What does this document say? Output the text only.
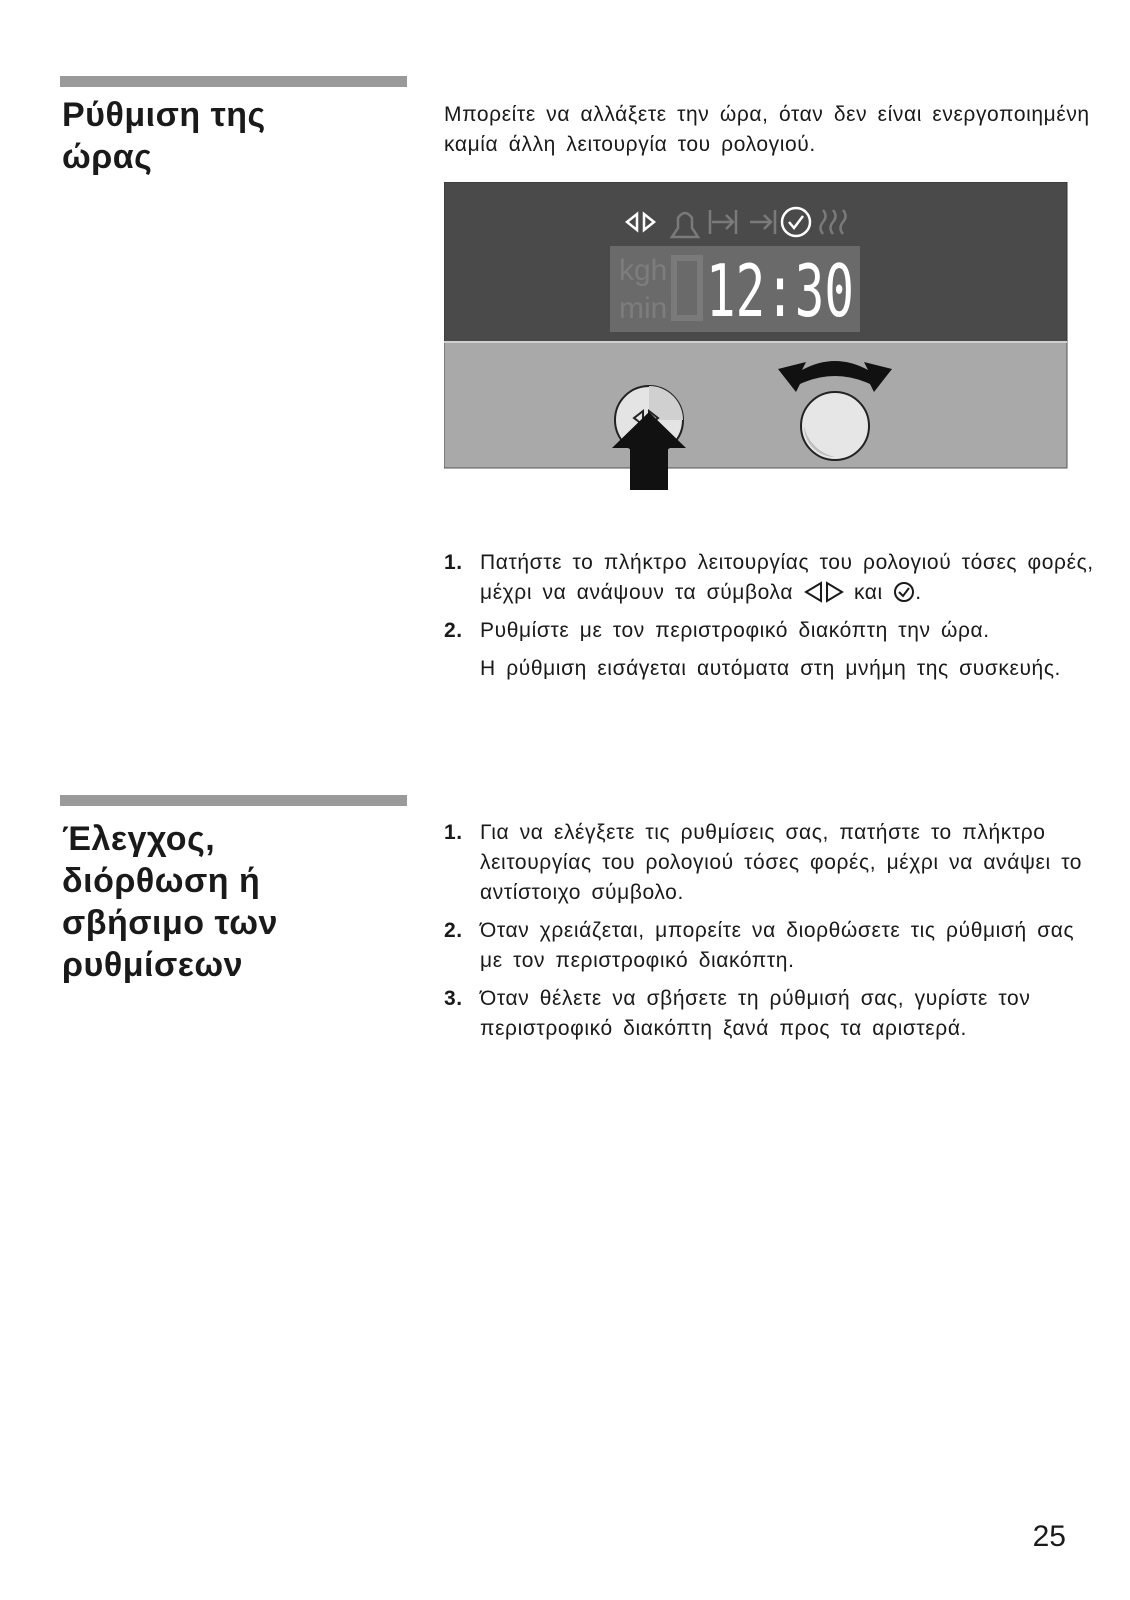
Ρύθμιση της
ώρας

Μπορείτε να αλλάξετε την ώρα, όταν δεν είναι ενεργοποιημένη καμία άλλη λειτουργία του ρολογιού.

kgh
min 12:30
1. Πατήστε το πλήκτρο λειτουργίας του ρολογιού τόσες φορές, μέχρι να ανάψουν τα σύμβολα	και .
2. Ρυθμίστε με τον περιστροφικό διακόπτη την ώρα.
Η ρύθμιση εισάγεται αυτόματα στη μνήμη της συσκευής.
Έλεγχος,
διόρθωση ή
σβήσιμο των
ρυθμίσεων
1. Για να ελέγξετε τις ρυθμίσεις σας, πατήστε το πλήκτρο λειτουργίας του ρολογιού τόσες φορές, μέχρι να ανάψει το αντίστοιχο σύμβολο.
2. Όταν χρειάζεται, μπορείτε να διορθώσετε τις ρύθμισή σας με τον περιστροφικό διακόπτη.
3. Όταν θέλετε να σβήσετε τη ρύθμισή σας, γυρίστε τον περιστροφικό διακόπτη ξανά προς τα αριστερά.
25
